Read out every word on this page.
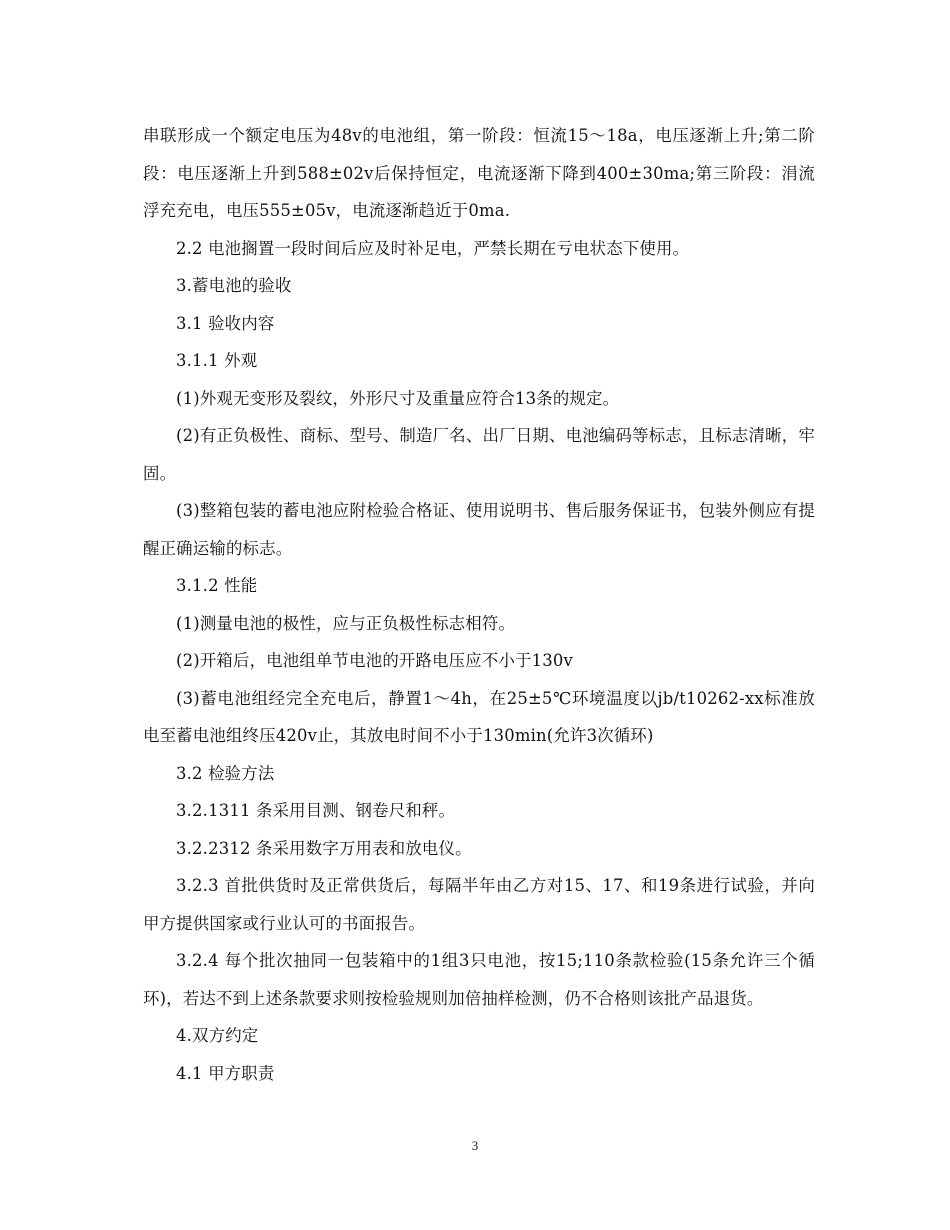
串联形成一个额定电压为48v的电池组，第一阶段：恒流15～18a，电压逐渐上升;第二阶段：电压逐渐上升到588±02v后保持恒定，电流逐渐下降到400±30ma;第三阶段：涓流浮充充电，电压555±05v，电流逐渐趋近于0ma.

2.2 电池搁置一段时间后应及时补足电，严禁长期在亏电状态下使用。

3.蓄电池的验收

3.1 验收内容

3.1.1 外观

(1)外观无变形及裂纹，外形尺寸及重量应符合13条的规定。

(2)有正负极性、商标、型号、制造厂名、出厂日期、电池编码等标志，且标志清晰，牢固。

(3)整箱包装的蓄电池应附检验合格证、使用说明书、售后服务保证书，包装外侧应有提醒正确运输的标志。

3.1.2 性能

(1)测量电池的极性，应与正负极性标志相符。

(2)开箱后，电池组单节电池的开路电压应不小于130v

(3)蓄电池组经完全充电后，静置1～4h，在25±5℃环境温度以jb/t10262-xx标准放电至蓄电池组终压420v止，其放电时间不小于130min(允许3次循环)

3.2 检验方法

3.2.1311 条采用目测、钢卷尺和秤。

3.2.2312 条采用数字万用表和放电仪。

3.2.3 首批供货时及正常供货后，每隔半年由乙方对15、17、和19条进行试验，并向甲方提供国家或行业认可的书面报告。

3.2.4 每个批次抽同一包装箱中的1组3只电池，按15;110条款检验(15条允许三个循环)，若达不到上述条款要求则按检验规则加倍抽样检测，仍不合格则该批产品退货。

4.双方约定

4.1 甲方职责

3
